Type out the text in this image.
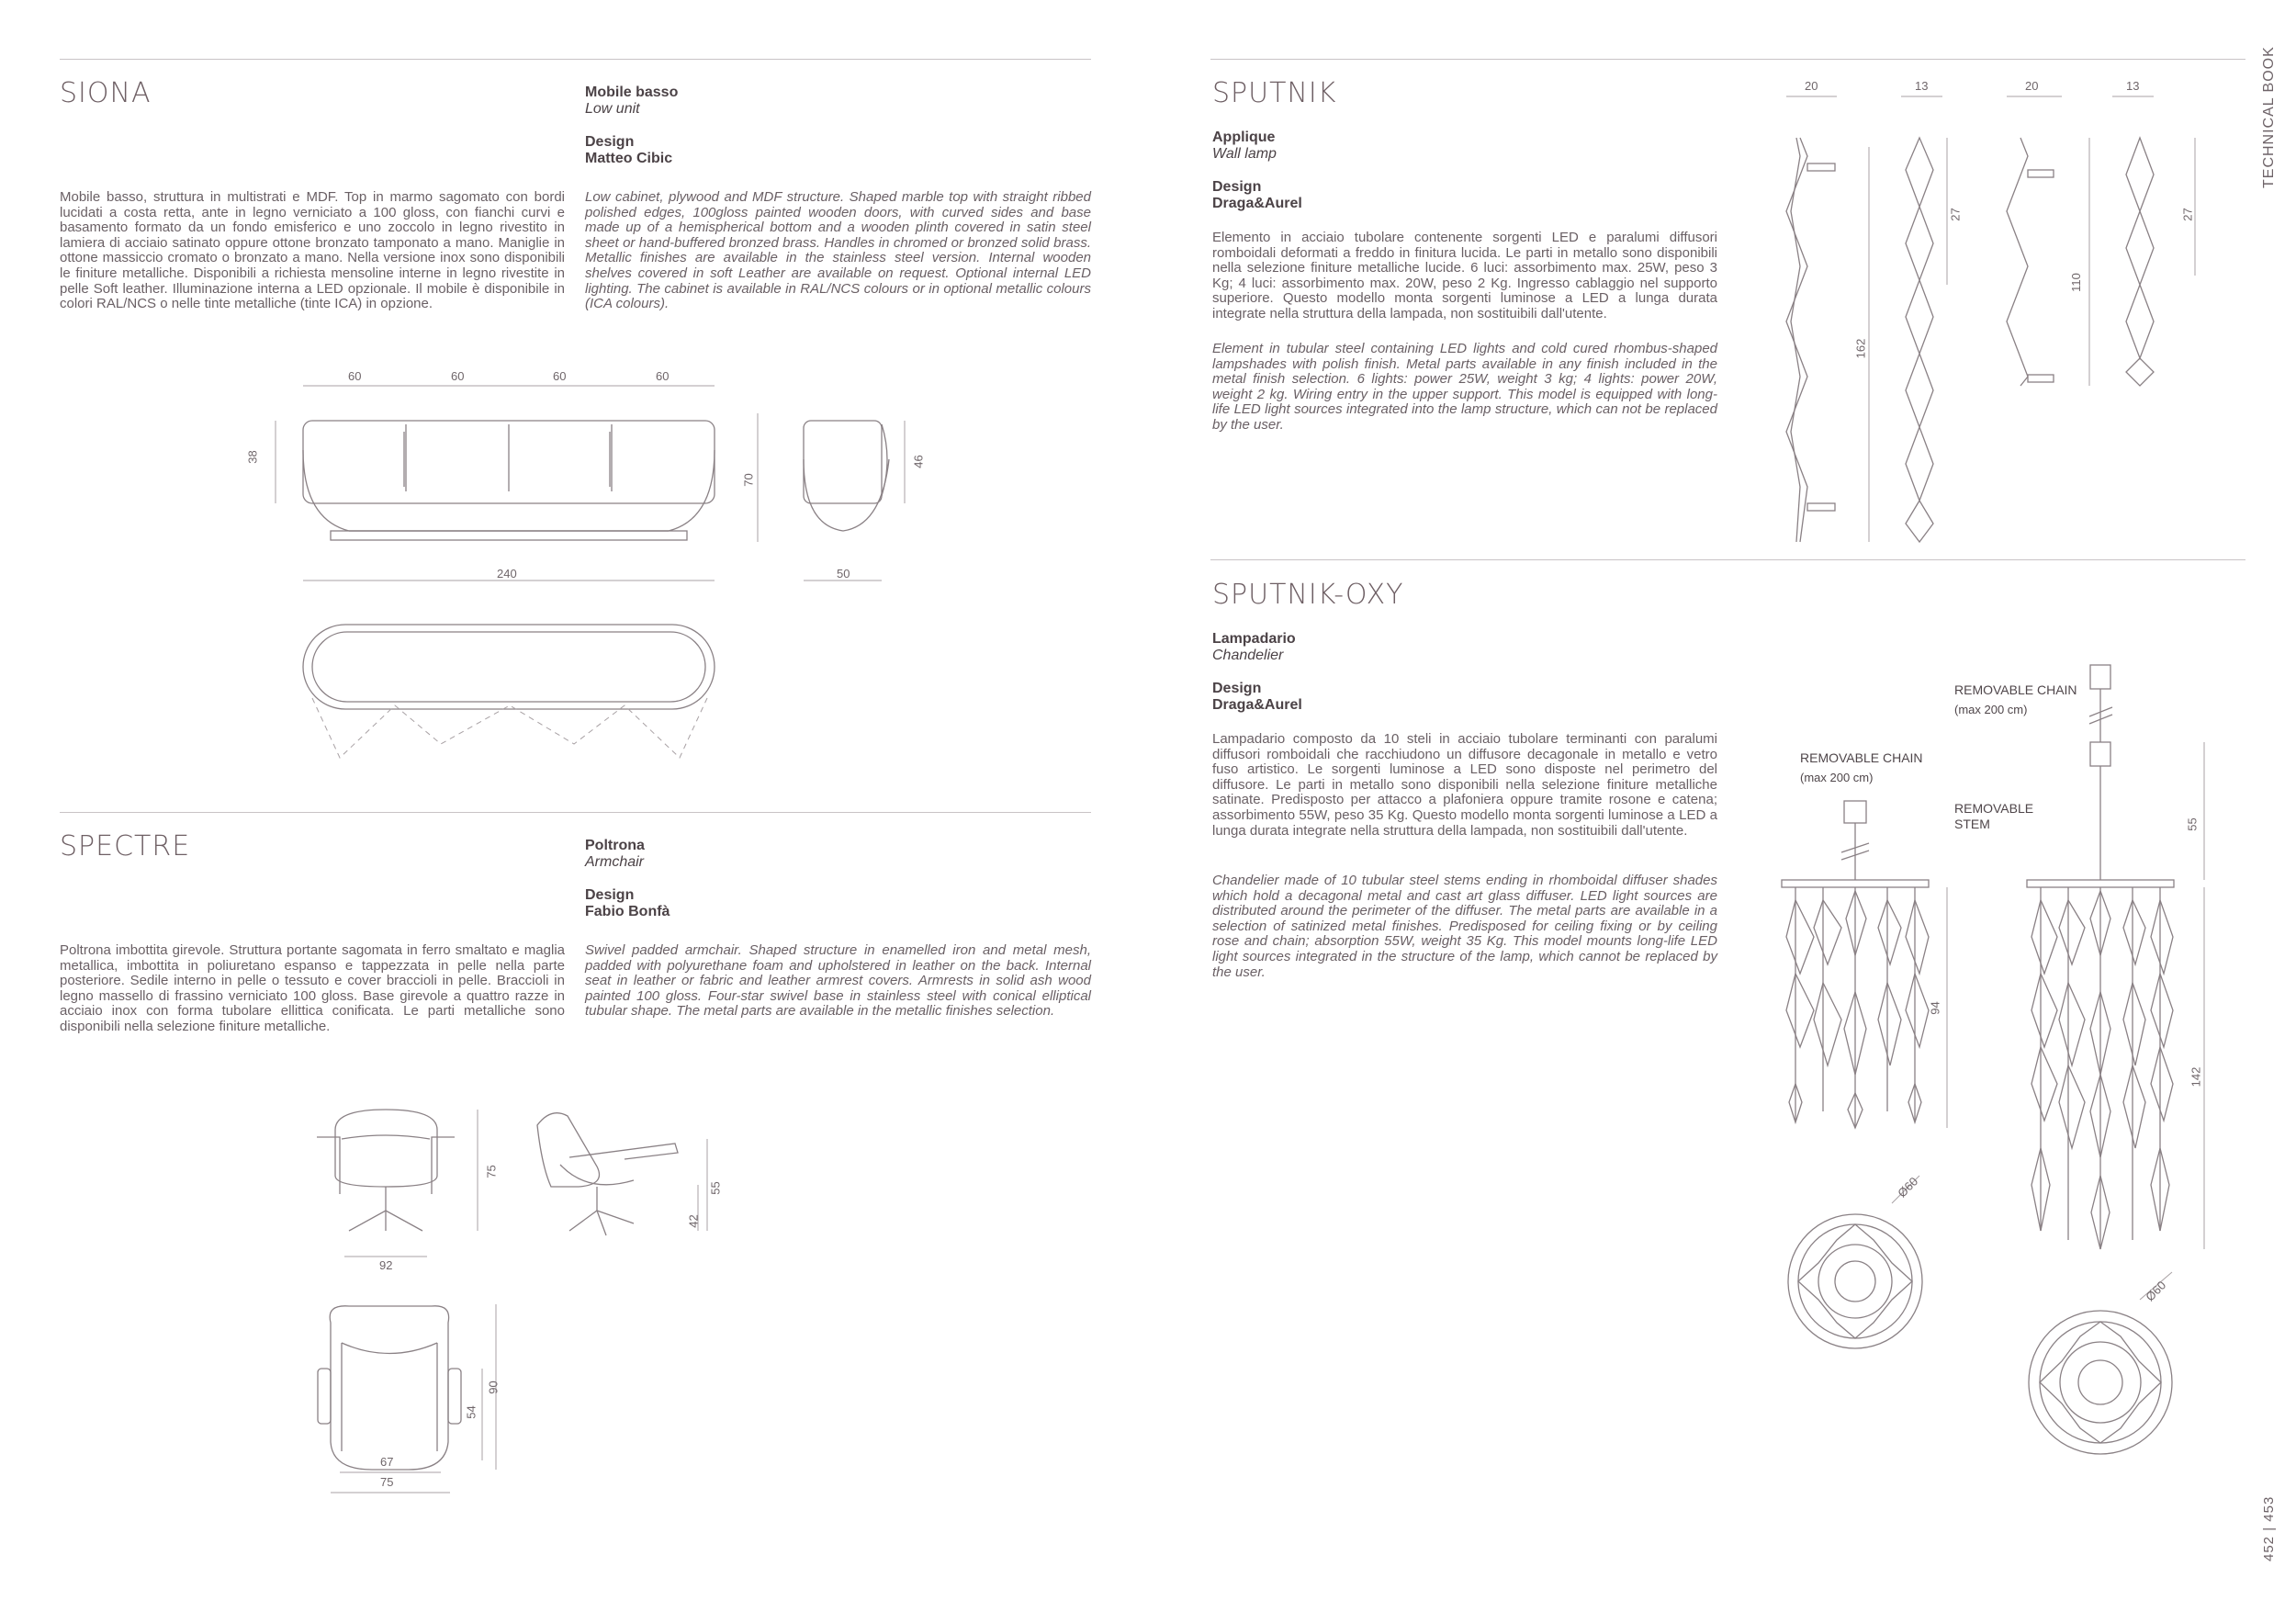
TECHNICAL BOOK
452 | 453
SIONA	Mobile basso
Low unit
Design
Matteo Cibic
Mobile basso, struttura in multistrati e MDF. Top in marmo sagomato con bordi lucidati a costa retta, ante in legno verniciato a 100 gloss, con fianchi curvi e basamento formato da un fondo emisferico e uno zoccolo in legno rivestito in lamiera di acciaio satinato oppure ottone bronzato tamponato a mano. Maniglie in ottone massiccio cromato o bronzato a mano. Nella versione inox sono disponibili le finiture metalliche. Disponibili a richiesta mensoline interne in legno rivestite in pelle Soft leather. Illuminazione interna a LED opzionale. Il mobile è disponibile in colori RAL/NCS o nelle tinte metalliche (tinte ICA) in opzione.
Low cabinet, plywood and MDF structure. Shaped marble top with straight ribbed polished edges, 100gloss painted wooden doors, with curved sides and base made up of a hemispherical bottom and a wooden plinth covered in satin steel sheet or hand-buffered bronzed brass. Handles in chromed or bronzed solid brass. Metallic finishes are available in the stainless steel version. Internal wooden shelves covered in soft Leather are available on request. Optional internal LED lighting. The cabinet is available in RAL/NCS colours or in optional metallic colours (ICA colours).
60	60	60	60
38
70
240	50
46
SPECTRE	Poltrona
Armchair
Design
Fabio Bonfà
Poltrona imbottita girevole. Struttura portante sagomata in ferro smaltato e maglia metallica, imbottita in poliuretano espanso e tappezzata in pelle nella parte posteriore. Sedile interno in pelle o tessuto e cover braccioli in pelle. Braccioli in legno massello di frassino verniciato 100 gloss. Base girevole a quattro razze in acciaio inox con forma tubolare ellittica conificata. Le parti metalliche sono disponibili nella selezione finiture metalliche.
Swivel padded armchair. Shaped structure in enamelled iron and metal mesh, padded with polyurethane foam and upholstered in leather on the back. Internal seat in leather or fabric and leather armrest covers. Armrests in solid ash wood painted 100 gloss. Four-star swivel base in stainless steel with conical elliptical tubular shape. The metal parts are available in the metallic finishes selection.
75
92
42
55
90
54
67
75
SPUTNIK
Applique
Wall lamp
Design
Draga&Aurel

Elemento in acciaio tubolare contenente sorgenti LED e paralumi diffusori romboidali deformati a freddo in finitura lucida. Le parti in metallo sono disponibili nella selezione finiture metalliche lucide. 6 luci: assorbimento max. 25W, peso 3 Kg; 4 luci: assorbimento max. 20W, peso 2 Kg. Ingresso cablaggio nel supporto superiore. Questo modello monta sorgenti luminose a LED a lunga durata integrate nella struttura della lampada, non sostituibili dall'utente.

Element in tubular steel containing LED lights and cold cured rhombus-shaped lampshades with polish finish. Metal parts available in any finish included in the metal finish selection. 6 lights: power 25W, weight 3 kg; 4 lights: power 20W, weight 2 kg. Wiring entry in the upper support. This model is equipped with long-life LED light sources integrated into the lamp structure, which can not be replaced by the user.
20	13	20	13
162
27
110
27
SPUTNIK-OXY
Lampadario
Chandelier
Design
Draga&Aurel
Lampadario composto da 10 steli in acciaio tubolare terminanti con paralumi diffusori romboidali che racchiudono un diffusore decagonale in metallo e vetro fuso artistico. Le sorgenti luminose a LED sono disposte nel perimetro del diffusore. Le parti in metallo sono disponibili nella selezione finiture metalliche satinate. Predisposto per attacco a plafoniera oppure tramite rosone e catena; assorbimento 55W, peso 35 Kg. Questo modello monta sorgenti luminose a LED a lunga durata integrate nella struttura della lampada, non sostituibili dall'utente.
Chandelier made of 10 tubular steel stems ending in rhomboidal diffuser shades which hold a decagonal metal and cast art glass diffuser. LED light sources are distributed around the perimeter of the diffuser. The metal parts are available in a selection of satinized metal finishes. Predisposed for ceiling fixing or by ceiling rose and chain; absorption 55W, weight 35 Kg. This model mounts long-life LED light sources integrated in the structure of the lamp, which cannot be replaced by the user.
REMOVABLE CHAIN
(max 200 cm)
REMOVABLE CHAIN
(max 200 cm)
REMOVABLE
STEM
94
55
142
Ø60
Ø60
